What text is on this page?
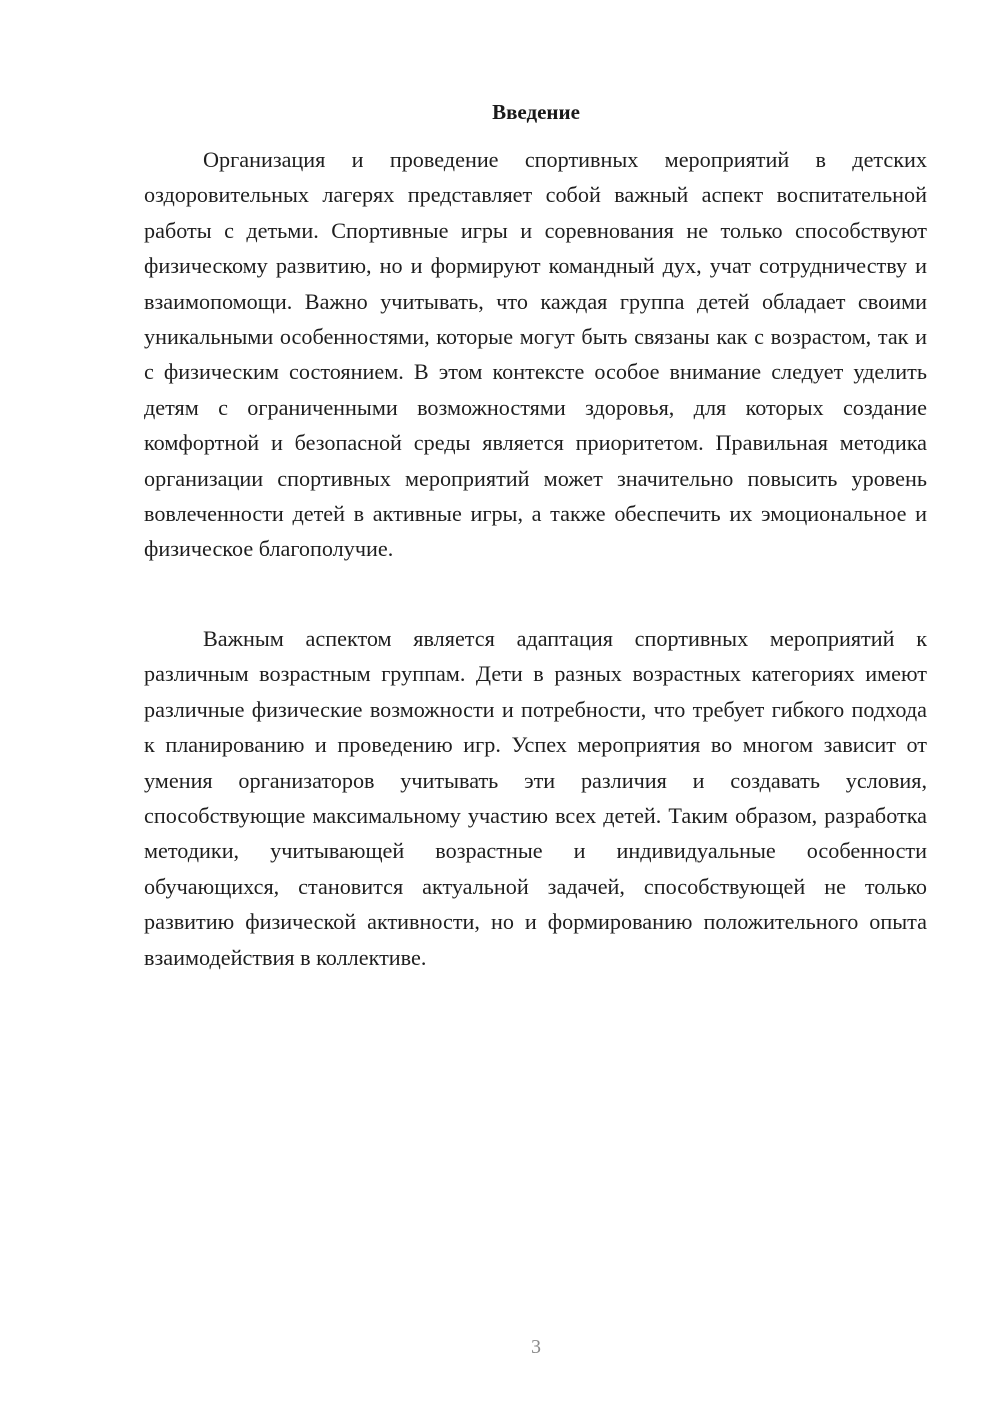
Введение

Организация и проведение спортивных мероприятий в детских оздоровительных лагерях представляет собой важный аспект воспитательной работы с детьми. Спортивные игры и соревнования не только способствуют физическому развитию, но и формируют командный дух, учат сотрудничеству и взаимопомощи. Важно учитывать, что каждая группа детей обладает своими уникальными особенностями, которые могут быть связаны как с возрастом, так и с физическим состоянием. В этом контексте особое внимание следует уделить детям с ограниченными возможностями здоровья, для которых создание комфортной и безопасной среды является приоритетом. Правильная методика организации спортивных мероприятий может значительно повысить уровень вовлеченности детей в активные игры, а также обеспечить их эмоциональное и физическое благополучие.

Важным аспектом является адаптация спортивных мероприятий к различным возрастным группам. Дети в разных возрастных категориях имеют различные физические возможности и потребности, что требует гибкого подхода к планированию и проведению игр. Успех мероприятия во многом зависит от умения организаторов учитывать эти различия и создавать условия, способствующие максимальному участию всех детей. Таким образом, разработка методики, учитывающей возрастные и индивидуальные особенности обучающихся, становится актуальной задачей, способствующей не только развитию физической активности, но и формированию положительного опыта взаимодействия в коллективе.

3
